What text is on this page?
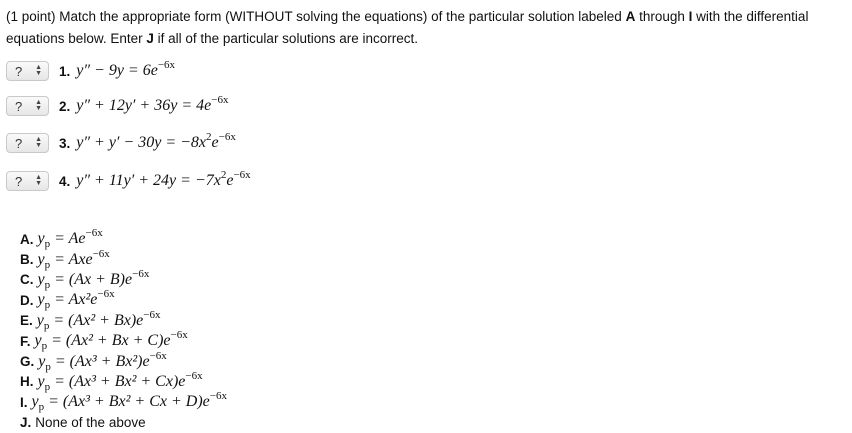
(1 point) Match the appropriate form (WITHOUT solving the equations) of the particular solution labeled A through I with the differential equations below. Enter J if all of the particular solutions are incorrect.
? ▲
▼ 1. $y'' - 9y = 6e^{-6x}$
? ▲
▼ 2. $y'' + 12y' + 36y = 4e^{-6x}$
? ▲
▼ 3. $y'' + y' - 30y = -8x^2e^{-6x}$
? ▲
▼ 4. $y'' + 11y' + 24y = -7x^2e^{-6x}$
A. $y_p = Ae^{-6x}$
B. $y_p = Axe^{-6x}$
C. $y_p = (Ax + B)e^{-6x}$
D. $y_p = Ax^2e^{-6x}$
E. $y_p = (Ax^2 + Bx)e^{-6x}$
F. $y_p = (Ax^2 + Bx + C)e^{-6x}$
G. $y_p = (Ax^3 + Bx^2)e^{-6x}$
H. $y_p = (Ax^3 + Bx^2 + Cx)e^{-6x}$
I. $y_p = (Ax^3 + Bx^2 + Cx + D)e^{-6x}$
J. None of the above
